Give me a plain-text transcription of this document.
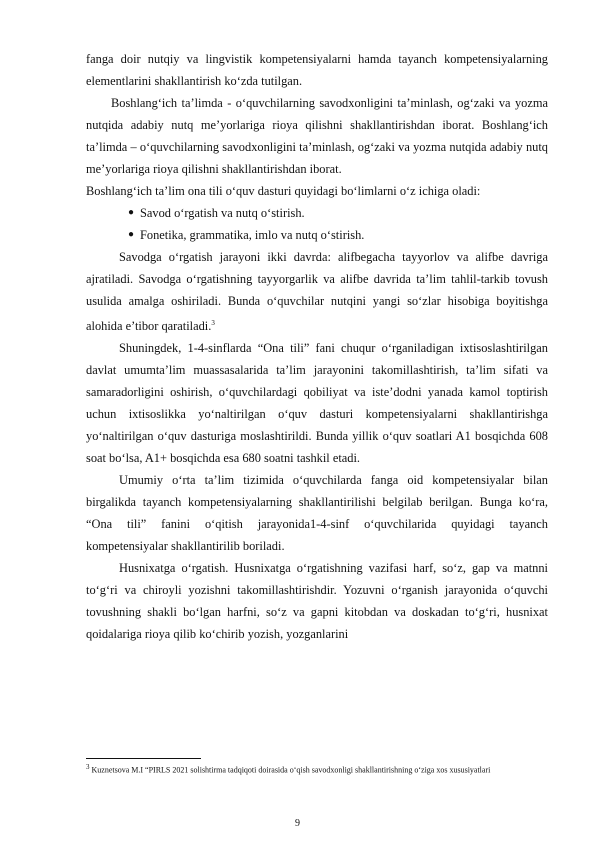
fanga doir nutqiy va lingvistik kompetensiyalarni hamda tayanch kompetensiyalarning elementlarini shakllantirish ko‘zda tutilgan.

Boshlang‘ich ta’limda - o‘quvchilarning savodxonligini ta’minlash, og‘zaki va yozma nutqida adabiy nutq me’yorlariga rioya qilishni shakllantirishdan iborat. Boshlang‘ich ta’limda – o‘quvchilarning savodxonligini ta’minlash, og‘zaki va yozma nutqida adabiy nutq me’yorlariga rioya qilishni shakllantirishdan iborat.

Boshlang‘ich ta’lim ona tili o‘quv dasturi quyidagi bo‘limlarni o‘z ichiga oladi:

● Savod o‘rgatish va nutq o‘stirish.
● Fonetika, grammatika, imlo va nutq o‘stirish.

Savodga o‘rgatish jarayoni ikki davrda: alifbegacha tayyorlov va alifbe davriga ajratiladi. Savodga o‘rgatishning tayyorgarlik va alifbe davrida ta’lim tahlil-tarkib tovush usulida amalga oshiriladi. Bunda o‘quvchilar nutqini yangi so‘zlar hisobiga boyitishga alohida e’tibor qaratiladi.$^3$

Shuningdek, 1-4-sinflarda “Ona tili” fani chuqur o‘rganiladigan ixtisoslashtirilgan davlat umumta’lim muassasalarida ta’lim jarayonini takomillashtirish, ta’lim sifati va samaradorligini oshirish, o‘quvchilardagi qobiliyat va iste’dodni yanada kamol toptirish uchun ixtisoslikka yo‘naltirilgan o‘quv dasturi kompetensiyalarni shakllantirishga yo‘naltirilgan o‘quv dasturiga moslashtirildi. Bunda yillik o‘quv soatlari A1 bosqichda 608 soat bo‘lsa, A1+ bosqichda esa 680 soatni tashkil etadi.

Umumiy o‘rta ta’lim tizimida o‘quvchilarda fanga oid kompetensiyalar bilan birgalikda tayanch kompetensiyalarning shakllantirilishi belgilab berilgan. Bunga ko‘ra, “Ona tili” fanini o‘qitish jarayonida1-4-sinf o‘quvchilarida quyidagi tayanch kompetensiyalar shakllantirilib boriladi.

Husnixatga o‘rgatish. Husnixatga o‘rgatishning vazifasi harf, so‘z, gap va matnni to‘g‘ri va chiroyli yozishni takomillashtirishdir. Yozuvni o‘rganish jarayonida o‘quvchi tovushning shakli bo‘lgan harfni, so‘z va gapni kitobdan va doskadan to‘g‘ri, husnixat qoidalariga rioya qilib ko‘chirib yozish, yozganlarini

$^3$ Kuznetsova M.I “PIRLS 2021 solishtirma tadqiqoti doirasida o‘qish savodxonligi shakllantirishning o‘ziga xos xususiyatlari
9
